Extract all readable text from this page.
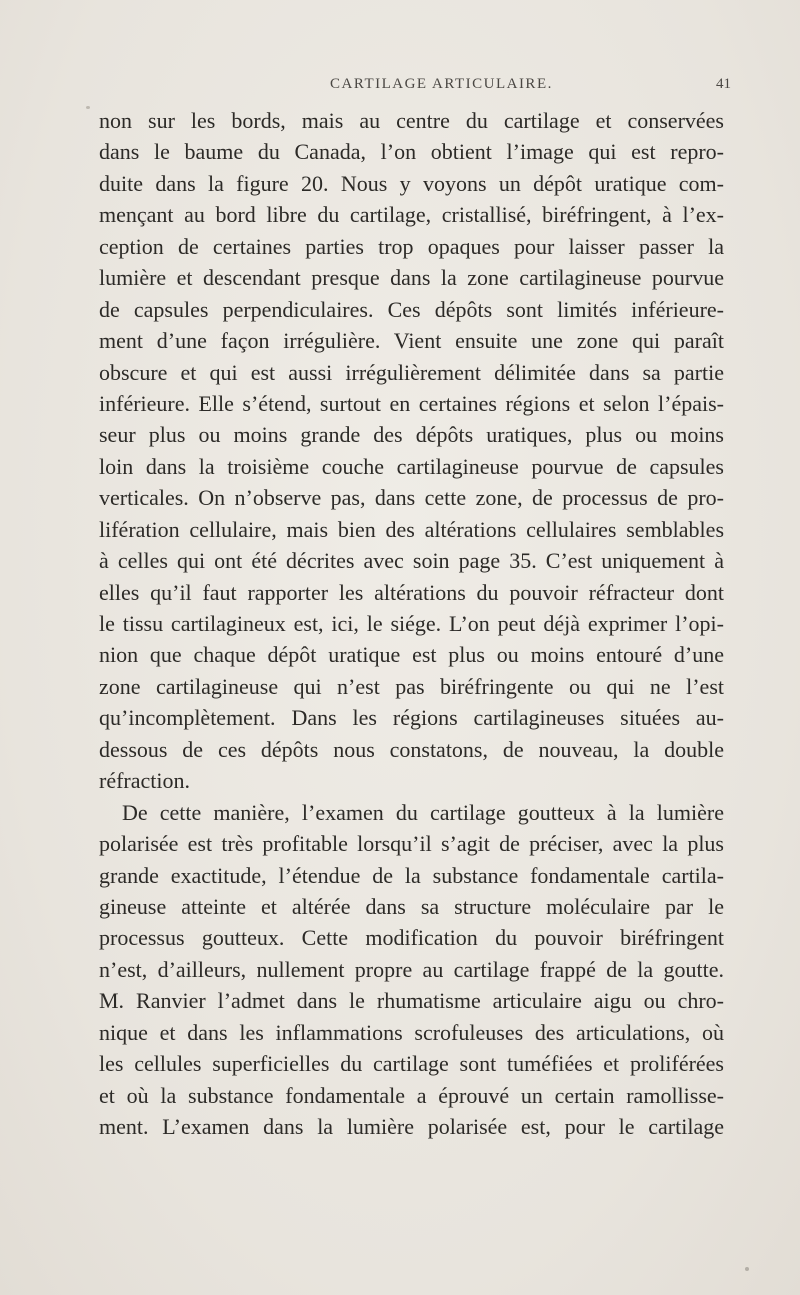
CARTILAGE ARTICULAIRE.	41
non sur les bords, mais au centre du cartilage et conservées
dans le baume du Canada, l’on obtient l’image qui est repro-
duite dans la figure 20. Nous y voyons un dépôt uratique com-
mençant au bord libre du cartilage, cristallisé, biréfringent, à l’ex-
ception de certaines parties trop opaques pour laisser passer la
lumière et descendant presque dans la zone cartilagineuse pourvue
de capsules perpendiculaires. Ces dépôts sont limités inférieure-
ment d’une façon irrégulière. Vient ensuite une zone qui paraît
obscure et qui est aussi irrégulièrement délimitée dans sa partie
inférieure. Elle s’étend, surtout en certaines régions et selon l’épais-
seur plus ou moins grande des dépôts uratiques, plus ou moins
loin dans la troisième couche cartilagineuse pourvue de capsules
verticales. On n’observe pas, dans cette zone, de processus de pro-
lifération cellulaire, mais bien des altérations cellulaires semblables
à celles qui ont été décrites avec soin page 35. C’est uniquement à
elles qu’il faut rapporter les altérations du pouvoir réfracteur dont
le tissu cartilagineux est, ici, le siége. L’on peut déjà exprimer l’opi-
nion que chaque dépôt uratique est plus ou moins entouré d’une
zone cartilagineuse qui n’est pas biréfringente ou qui ne l’est
qu’incomplètement. Dans les régions cartilagineuses situées au-
dessous de ces dépôts nous constatons, de nouveau, la double
réfraction.
De cette manière, l’examen du cartilage goutteux à la lumière
polarisée est très profitable lorsqu’il s’agit de préciser, avec la plus
grande exactitude, l’étendue de la substance fondamentale cartila-
gineuse atteinte et altérée dans sa structure moléculaire par le
processus goutteux. Cette modification du pouvoir biréfringent
n’est, d’ailleurs, nullement propre au cartilage frappé de la goutte.
M. Ranvier l’admet dans le rhumatisme articulaire aigu ou chro-
nique et dans les inflammations scrofuleuses des articulations, où
les cellules superficielles du cartilage sont tuméfiées et proliférées
et où la substance fondamentale a éprouvé un certain ramollisse-
ment. L’examen dans la lumière polarisée est, pour le cartilage
